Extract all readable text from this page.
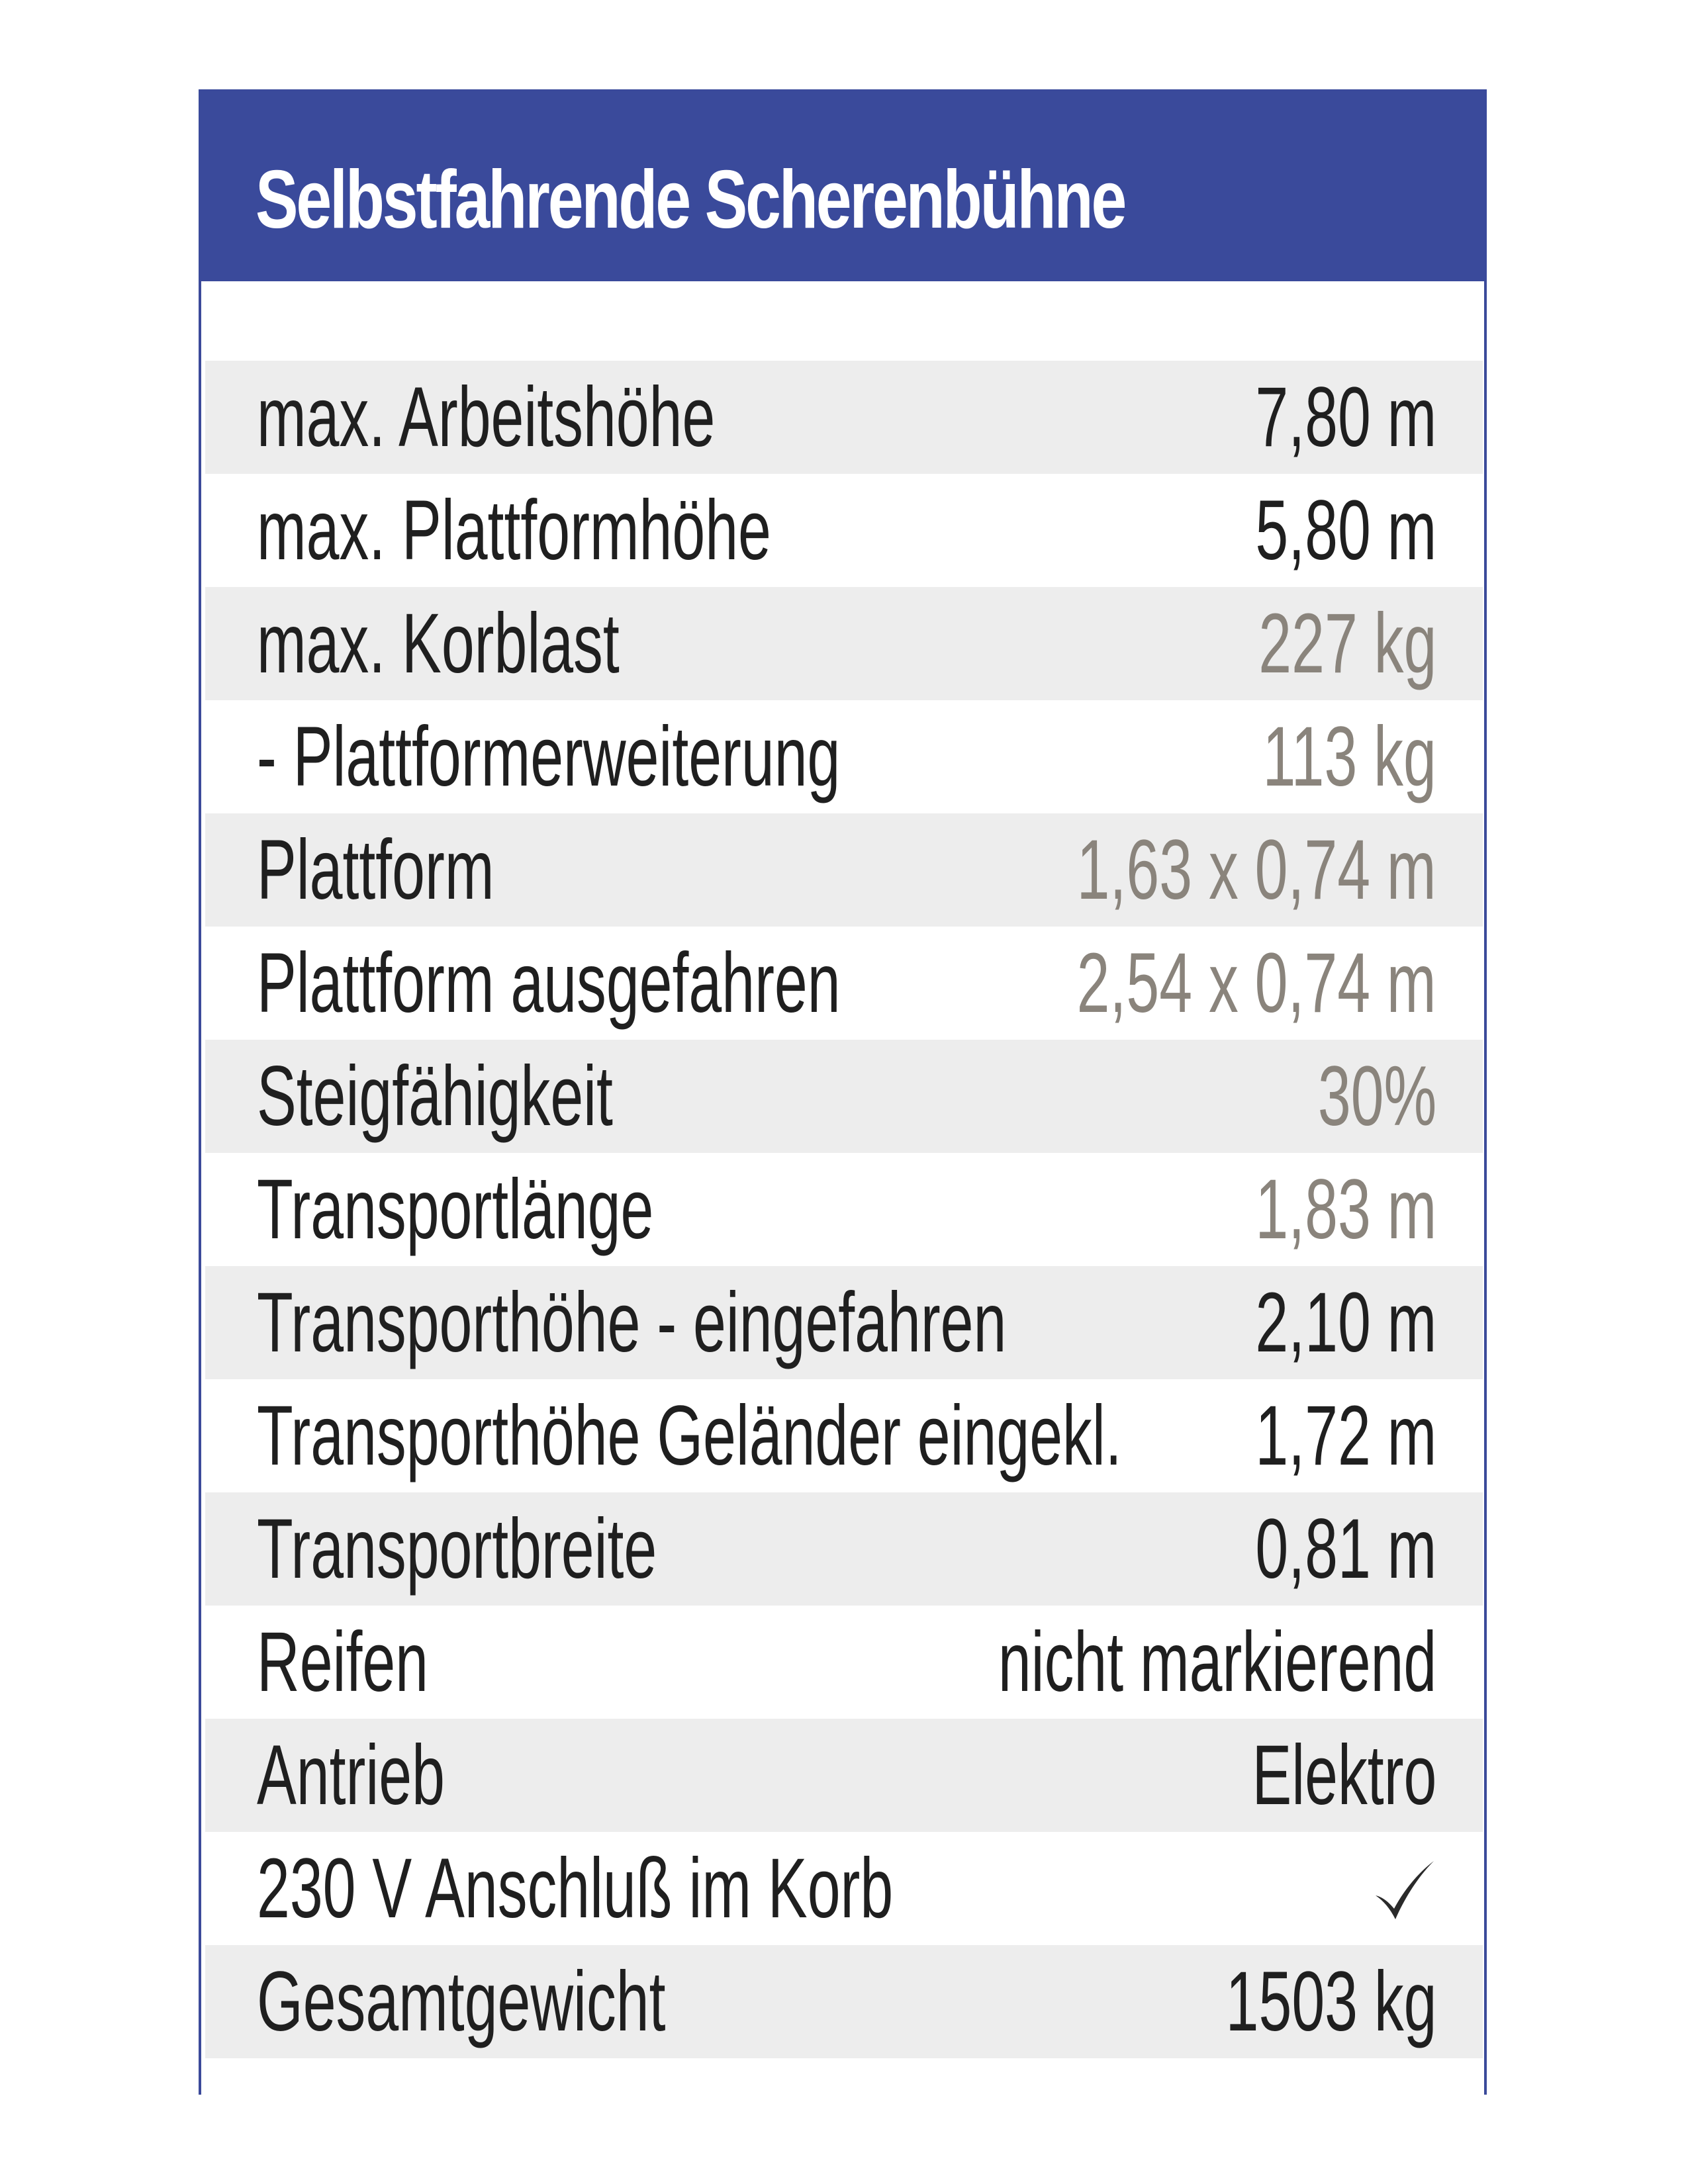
Selbstfahrende Scherenbühne
max. Arbeitshöhe	7,80 m
max. Plattformhöhe	5,80 m
max. Korblast	227 kg
- Plattformerweiterung	113 kg
Plattform	1,63 x 0,74 m
Plattform ausgefahren	2,54 x 0,74 m
Steigfähigkeit	30%
Transportlänge	1,83 m
Transporthöhe - eingefahren	2,10 m
Transporthöhe Geländer eingekl. 1,72 m
Transportbreite	0,81 m
Reifen	nicht markierend
Antrieb	Elektro
230 V Anschluß im Korb
Gesamtgewicht	1503 kg
